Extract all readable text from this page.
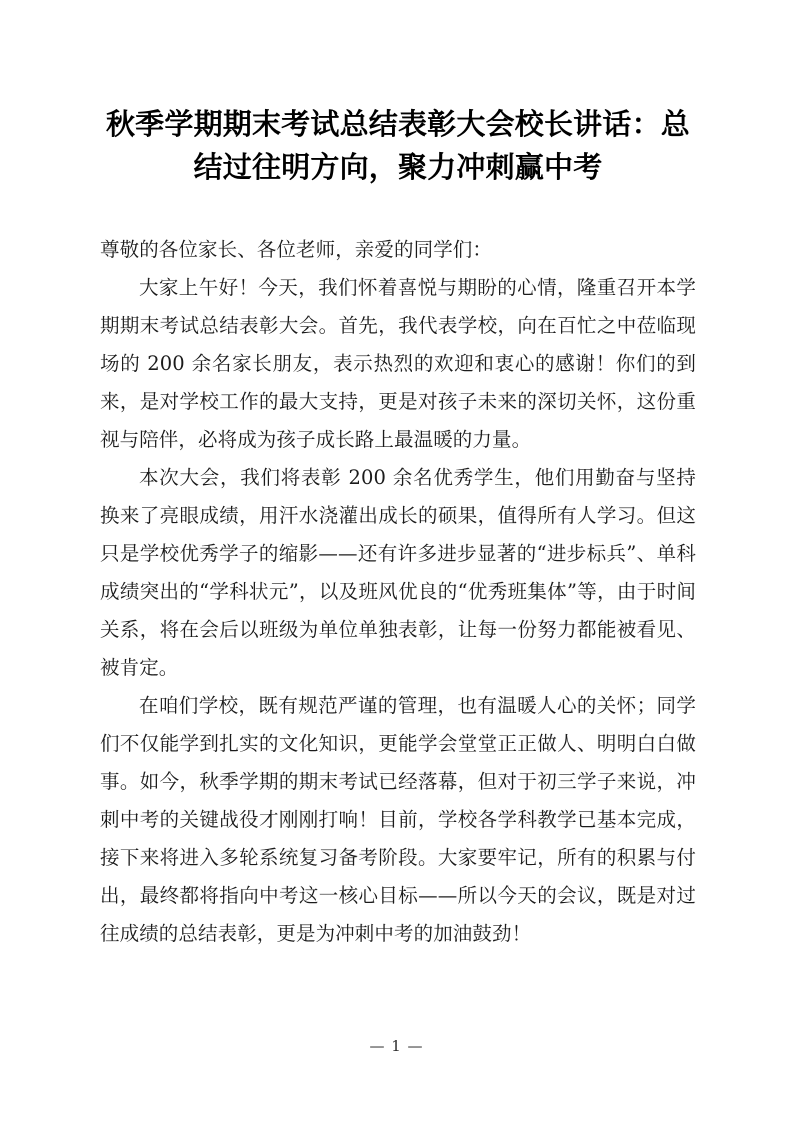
秋季学期期末考试总结表彰大会校长讲话：总结过往明方向，聚力冲刺赢中考

尊敬的各位家长、各位老师，亲爱的同学们：

大家上午好！今天，我们怀着喜悦与期盼的心情，隆重召开本学期期末考试总结表彰大会。首先，我代表学校，向在百忙之中莅临现场的 200 余名家长朋友，表示热烈的欢迎和衷心的感谢！你们的到来，是对学校工作的最大支持，更是对孩子未来的深切关怀，这份重视与陪伴，必将成为孩子成长路上最温暖的力量。

本次大会，我们将表彰 200 余名优秀学生，他们用勤奋与坚持换来了亮眼成绩，用汗水浇灌出成长的硕果，值得所有人学习。但这只是学校优秀学子的缩影——还有许多进步显著的“进步标兵”、单科成绩突出的“学科状元”，以及班风优良的“优秀班集体”等，由于时间关系，将在会后以班级为单位单独表彰，让每一份努力都能被看见、被肯定。

在咱们学校，既有规范严谨的管理，也有温暖人心的关怀；同学们不仅能学到扎实的文化知识，更能学会堂堂正正做人、明明白白做事。如今，秋季学期的期末考试已经落幕，但对于初三学子来说，冲刺中考的关键战役才刚刚打响！目前，学校各学科教学已基本完成，接下来将进入多轮系统复习备考阶段。大家要牢记，所有的积累与付出，最终都将指向中考这一核心目标——所以今天的会议，既是对过往成绩的总结表彰，更是为冲刺中考的加油鼓劲！

— 1 —
